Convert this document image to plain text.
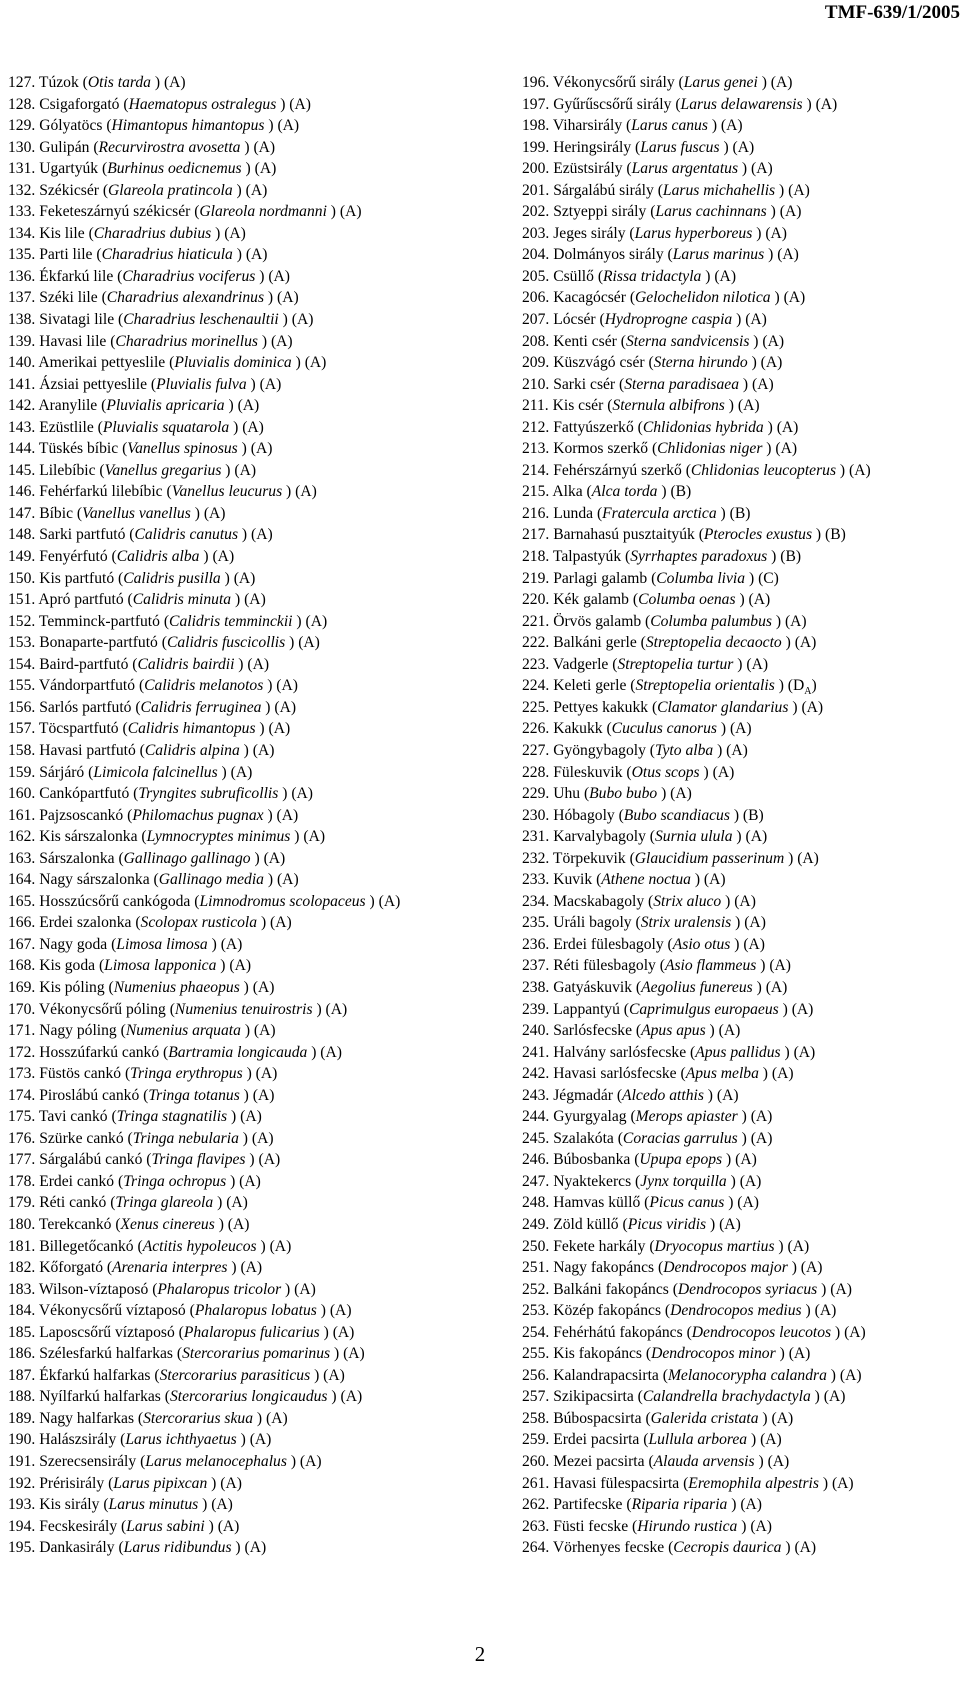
TMF-639/1/2005
127. Túzok (Otis tarda ) (A)
128. Csigaforgató (Haematopus ostralegus ) (A)
129. Gólyatöcs (Himantopus himantopus ) (A)
130. Gulipán (Recurvirostra avosetta ) (A)
131. Ugartyúk (Burhinus oedicnemus ) (A)
132. Székicsér (Glareola pratincola ) (A)
133. Feketeszárnyú székicsér (Glareola nordmanni ) (A)
134. Kis lile (Charadrius dubius ) (A)
135. Parti lile (Charadrius hiaticula ) (A)
136. Ékfarkú lile (Charadrius vociferus ) (A)
137. Széki lile (Charadrius alexandrinus ) (A)
138. Sivatagi lile (Charadrius leschenaultii ) (A)
139. Havasi lile (Charadrius morinellus ) (A)
140. Amerikai pettyeslile (Pluvialis dominica ) (A)
141. Ázsiai pettyeslile (Pluvialis fulva ) (A)
142. Aranylile (Pluvialis apricaria ) (A)
143. Ezüstlile (Pluvialis squatarola ) (A)
144. Tüskés bíbic (Vanellus spinosus ) (A)
145. Lilebíbic (Vanellus gregarius ) (A)
146. Fehérfarkú lilebíbic (Vanellus leucurus ) (A)
147. Bíbic (Vanellus vanellus ) (A)
148. Sarki partfutó (Calidris canutus ) (A)
149. Fenyérfutó (Calidris alba ) (A)
150. Kis partfutó (Calidris pusilla ) (A)
151. Apró partfutó (Calidris minuta ) (A)
152. Temminck-partfutó (Calidris temminckii ) (A)
153. Bonaparte-partfutó (Calidris fuscicollis ) (A)
154. Baird-partfutó (Calidris bairdii ) (A)
155. Vándorpartfutó (Calidris melanotos ) (A)
156. Sarlós partfutó (Calidris ferruginea ) (A)
157. Töcspartfutó (Calidris himantopus ) (A)
158. Havasi partfutó (Calidris alpina ) (A)
159. Sárjáró (Limicola falcinellus ) (A)
160. Cankópartfutó (Tryngites subruficollis ) (A)
161. Pajzsoscankó (Philomachus pugnax ) (A)
162. Kis sárszalonka (Lymnocryptes minimus ) (A)
163. Sárszalonka (Gallinago gallinago ) (A)
164. Nagy sárszalonka (Gallinago media ) (A)
165. Hosszúcsőrű cankógoda (Limnodromus scolopaceus ) (A)
166. Erdei szalonka (Scolopax rusticola ) (A)
167. Nagy goda (Limosa limosa ) (A)
168. Kis goda (Limosa lapponica ) (A)
169. Kis póling (Numenius phaeopus ) (A)
170. Vékonycsőrű póling (Numenius tenuirostris ) (A)
171. Nagy póling (Numenius arquata ) (A)
172. Hosszúfarkú cankó (Bartramia longicauda ) (A)
173. Füstös cankó (Tringa erythropus ) (A)
174. Piroslábú cankó (Tringa totanus ) (A)
175. Tavi cankó (Tringa stagnatilis ) (A)
176. Szürke cankó (Tringa nebularia ) (A)
177. Sárgalábú cankó (Tringa flavipes ) (A)
178. Erdei cankó (Tringa ochropus ) (A)
179. Réti cankó (Tringa glareola ) (A)
180. Terekcankó (Xenus cinereus ) (A)
181. Billegetőcankó (Actitis hypoleucos ) (A)
182. Kőforgató (Arenaria interpres ) (A)
183. Wilson-víztaposó (Phalaropus tricolor ) (A)
184. Vékonycsőrű víztaposó (Phalaropus lobatus ) (A)
185. Laposcsőrű víztaposó (Phalaropus fulicarius ) (A)
186. Szélesfarkú halfarkas (Stercorarius pomarinus ) (A)
187. Ékfarkú halfarkas (Stercorarius parasiticus ) (A)
188. Nyílfarkú halfarkas (Stercorarius longicaudus ) (A)
189. Nagy halfarkas (Stercorarius skua ) (A)
190. Halászsirály (Larus ichthyaetus ) (A)
191. Szerecsensirály (Larus melanocephalus ) (A)
192. Prérisirály (Larus pipixcan ) (A)
193. Kis sirály (Larus minutus ) (A)
194. Fecskesirály (Larus sabini ) (A)
195. Dankasirály (Larus ridibundus ) (A)
196. Vékonycsőrű sirály (Larus genei ) (A)
197. Gyűrűscsőrű sirály (Larus delawarensis ) (A)
198. Viharsirály (Larus canus ) (A)
199. Heringsirály (Larus fuscus ) (A)
200. Ezüstsirály (Larus argentatus ) (A)
201. Sárgalábú sirály (Larus michahellis ) (A)
202. Sztyeppi sirály (Larus cachinnans ) (A)
203. Jeges sirály (Larus hyperboreus ) (A)
204. Dolmányos sirály (Larus marinus ) (A)
205. Csüllő (Rissa tridactyla ) (A)
206. Kacagócsér (Gelochelidon nilotica ) (A)
207. Lócsér (Hydroprogne caspia ) (A)
208. Kenti csér (Sterna sandvicensis ) (A)
209. Küszvágó csér (Sterna hirundo ) (A)
210. Sarki csér (Sterna paradisaea ) (A)
211. Kis csér (Sternula albifrons ) (A)
212. Fattyúszerkő (Chlidonias hybrida ) (A)
213. Kormos szerkő (Chlidonias niger ) (A)
214. Fehérszárnyú szerkő (Chlidonias leucopterus ) (A)
215. Alka (Alca torda ) (B)
216. Lunda (Fratercula arctica ) (B)
217. Barnahasú pusztaityúk (Pterocles exustus ) (B)
218. Talpastyúk (Syrrhaptes paradoxus ) (B)
219. Parlagi galamb (Columba livia ) (C)
220. Kék galamb (Columba oenas ) (A)
221. Örvös galamb (Columba palumbus ) (A)
222. Balkáni gerle (Streptopelia decaocto ) (A)
223. Vadgerle (Streptopelia turtur ) (A)
224. Keleti gerle (Streptopelia orientalis ) $(D_A)$
225. Pettyes kakukk (Clamator glandarius ) (A)
226. Kakukk (Cuculus canorus ) (A)
227. Gyöngybagoly (Tyto alba ) (A)
228. Füleskuvik (Otus scops ) (A)
229. Uhu (Bubo bubo ) (A)
230. Hóbagoly (Bubo scandiacus ) (B)
231. Karvalybagoly (Surnia ulula ) (A)
232. Törpekuvik (Glaucidium passerinum ) (A)
233. Kuvik (Athene noctua ) (A)
234. Macskabagoly (Strix aluco ) (A)
235. Uráli bagoly (Strix uralensis ) (A)
236. Erdei fülesbagoly (Asio otus ) (A)
237. Réti fülesbagoly (Asio flammeus ) (A)
238. Gatyáskuvik (Aegolius funereus ) (A)
239. Lappantyú (Caprimulgus europaeus ) (A)
240. Sarlósfecske (Apus apus ) (A)
241. Halvány sarlósfecske (Apus pallidus ) (A)
242. Havasi sarlósfecske (Apus melba ) (A)
243. Jégmadár (Alcedo atthis ) (A)
244. Gyurgyalag (Merops apiaster ) (A)
245. Szalakóta (Coracias garrulus ) (A)
246. Búbosbanka (Upupa epops ) (A)
247. Nyaktekercs (Jynx torquilla ) (A)
248. Hamvas küllő (Picus canus ) (A)
249. Zöld küllő (Picus viridis ) (A)
250. Fekete harkály (Dryocopus martius ) (A)
251. Nagy fakopáncs (Dendrocopos major ) (A)
252. Balkáni fakopáncs (Dendrocopos syriacus ) (A)
253. Közép fakopáncs (Dendrocopos medius ) (A)
254. Fehérhátú fakopáncs (Dendrocopos leucotos ) (A)
255. Kis fakopáncs (Dendrocopos minor ) (A)
256. Kalandrapacsirta (Melanocorypha calandra ) (A)
257. Szikipacsirta (Calandrella brachydactyla ) (A)
258. Búbospacsirta (Galerida cristata ) (A)
259. Erdei pacsirta (Lullula arborea ) (A)
260. Mezei pacsirta (Alauda arvensis ) (A)
261. Havasi fülespacsirta (Eremophila alpestris ) (A)
262. Partifecske (Riparia riparia ) (A)
263. Füsti fecske (Hirundo rustica ) (A)
264. Vörhenyes fecske (Cecropis daurica ) (A)
2
